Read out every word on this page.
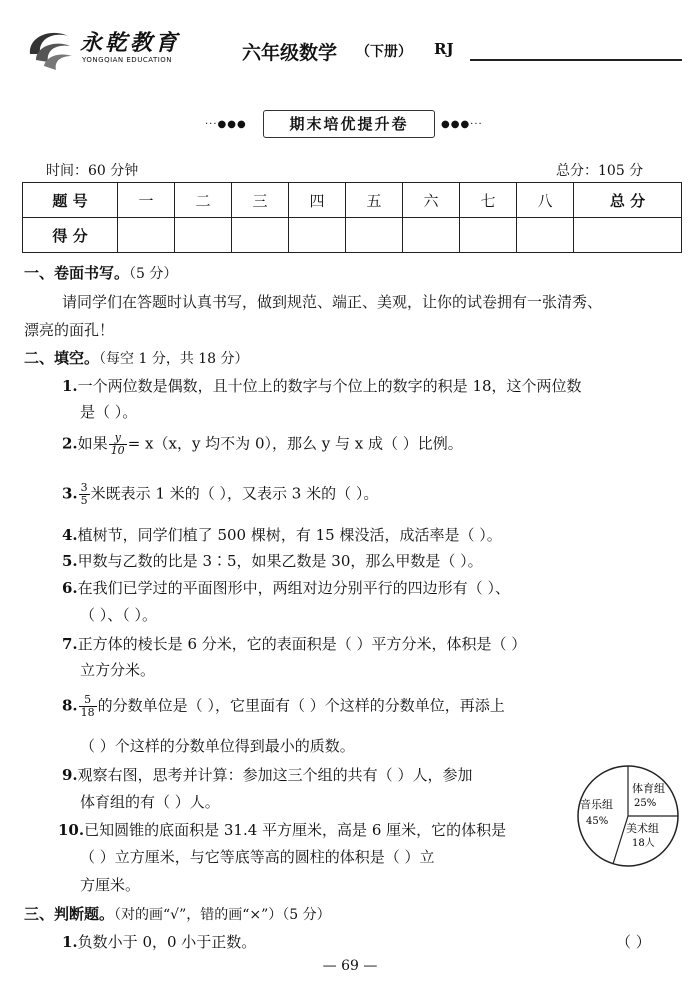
永乾教育
YONGQIAN EDUCATION	六年级数学 （下册） RJ
···●●●	期末培优提升卷	●●●···
时间：60 分钟	总分：105 分
题 号	一	二	三	四	五	六	七	八	总 分
得 分									
一、卷面书写。（5 分）
请同学们在答题时认真书写，做到规范、端正、美观，让你的试卷拥有一张清秀、
漂亮的面孔！
二、填空。（每空 1 分，共 18 分）
1.一个两位数是偶数，且十位上的数字与个位上的数字的积是 18，这个两位数
是（ ）。
2.如果 $\frac{y}{10} = x(x$，y 均不为 0），那么 y 与 x 成（ ）比例。
3. $\frac{3}{5}$ 米既表示 1 米的（ ），又表示 3 米的（ ）。
4.植树节，同学们植了 500 棵树，有 15 棵没活，成活率是（ ）。
5.甲数与乙数的比是 3∶5，如果乙数是 30，那么甲数是（ ）。
6.在我们已学过的平面图形中，两组对边分别平行的四边形有（ ）、
（ ）、（ ）。
7.正方体的棱长是 6 分米，它的表面积是（ ）平方分米，体积是（ ）
立方分米。
8. $\frac{5}{18}$ 的分数单位是（ ），它里面有（ ）个这样的分数单位，再添上
（ ）个这样的分数单位得到最小的质数。
9.观察右图，思考并计算：参加这三个组的共有（ ）人，参加
体育组的有（ ）人。
10.已知圆锥的底面积是 31.4 平方厘米，高是 6 厘米，它的体积是
（ ）立方厘米，与它等底等高的圆柱的体积是（ ）立
方厘米。
音乐组
45%
体育组
25%
美术组
18人
三、判断题。（对的画“√”，错的画“×”）（5 分）
1.负数小于 0，0 小于正数。	（ ）
— 69 —
